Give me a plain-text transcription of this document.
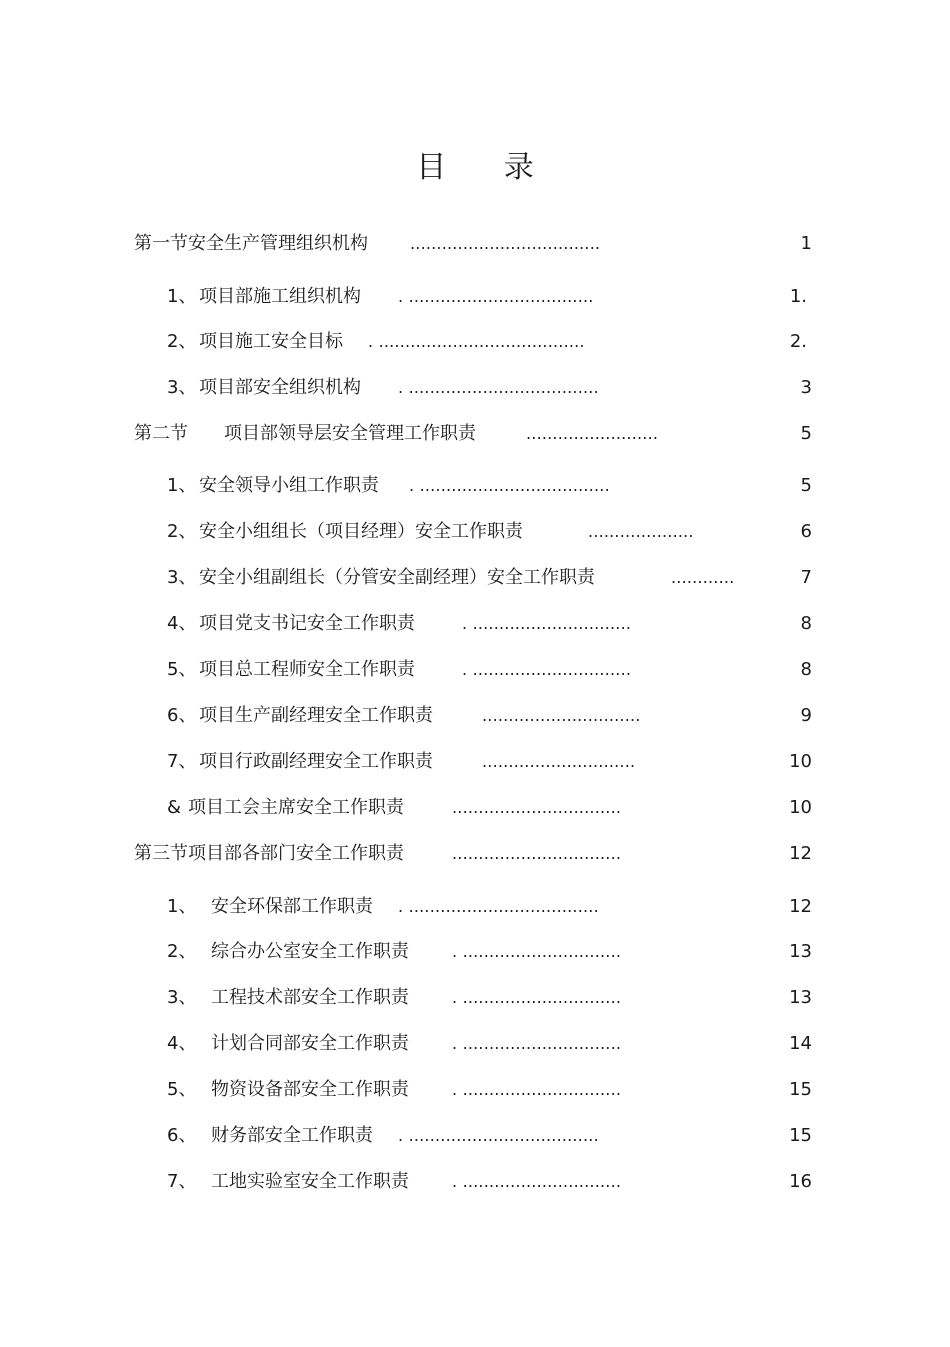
目 录
第一节安全生产管理组织机构	....................................	1
1、 项目部施工组织机构 . ...................................	1.
2、 项目施工安全目标 . .......................................	2.
3、 项目部安全组织机构 . ....................................	3
第二节 项目部领导层安全管理工作职责	.........................	5
1、 安全领导小组工作职责 . ....................................	5
2、 安全小组组长（项目经理）安全工作职责	....................	6
3、 安全小组副组长（分管安全副经理）安全工作职责	............	7
4、 项目党支书记安全工作职责	. ..............................	8
5、 项目总工程师安全工作职责	. ..............................	8
6、 项目生产副经理安全工作职责	..............................	9
7、 项目行政副经理安全工作职责	.............................	10
& 项目工会主席安全工作职责	................................	10
第三节项目部各部门安全工作职责	................................	12
1、 安全环保部工作职责 . ....................................	12
2、 综合办公室安全工作职责	. ..............................	13
3、 工程技术部安全工作职责	. ..............................	13
4、 计划合同部安全工作职责	. ..............................	14
5、 物资设备部安全工作职责	. ..............................	15
6、 财务部安全工作职责 . ....................................	15
7、 工地实验室安全工作职责	. ..............................	16
